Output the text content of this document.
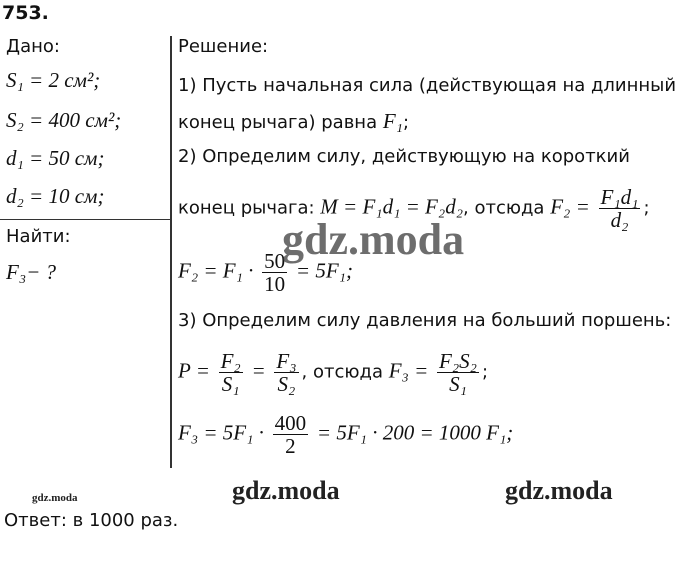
753.
Дано:
S₁ = 2 см²;
S₂ = 400 см²;
d₁ = 50 см;
d₂ = 10 см;
Найти:
F₃− ?
Решение:
1) Пусть начальная сила (действующая на длинный
конец рычага) равна F₁;
2) Определим силу, действующую на короткий
конец рычага: M = F₁d₁ = F₂d₂, отсюда $F_2 = \frac{\text{F₁d₁}}{\text{d₂}}$ ;
$F_2 = F_1 \cdot \frac{50}{10} = 5F_1$;
3) Определим силу давления на больший поршень:
$P = \frac{\text{F₂}}{\text{S₁}} = \frac{\text{F₃}}{\text{S₂}}$ , отсюда $F_3 = \frac{\text{F₂S₂}}{\text{S₁}}$ ;
$F_3 = 5F_1 \cdot \frac{400}{2} = 5F_1 \cdot 200 = 1000$ F₁;
gdz.moda
gdz.moda	gdz.moda	gdz.moda
Ответ: в 1000 раз.
